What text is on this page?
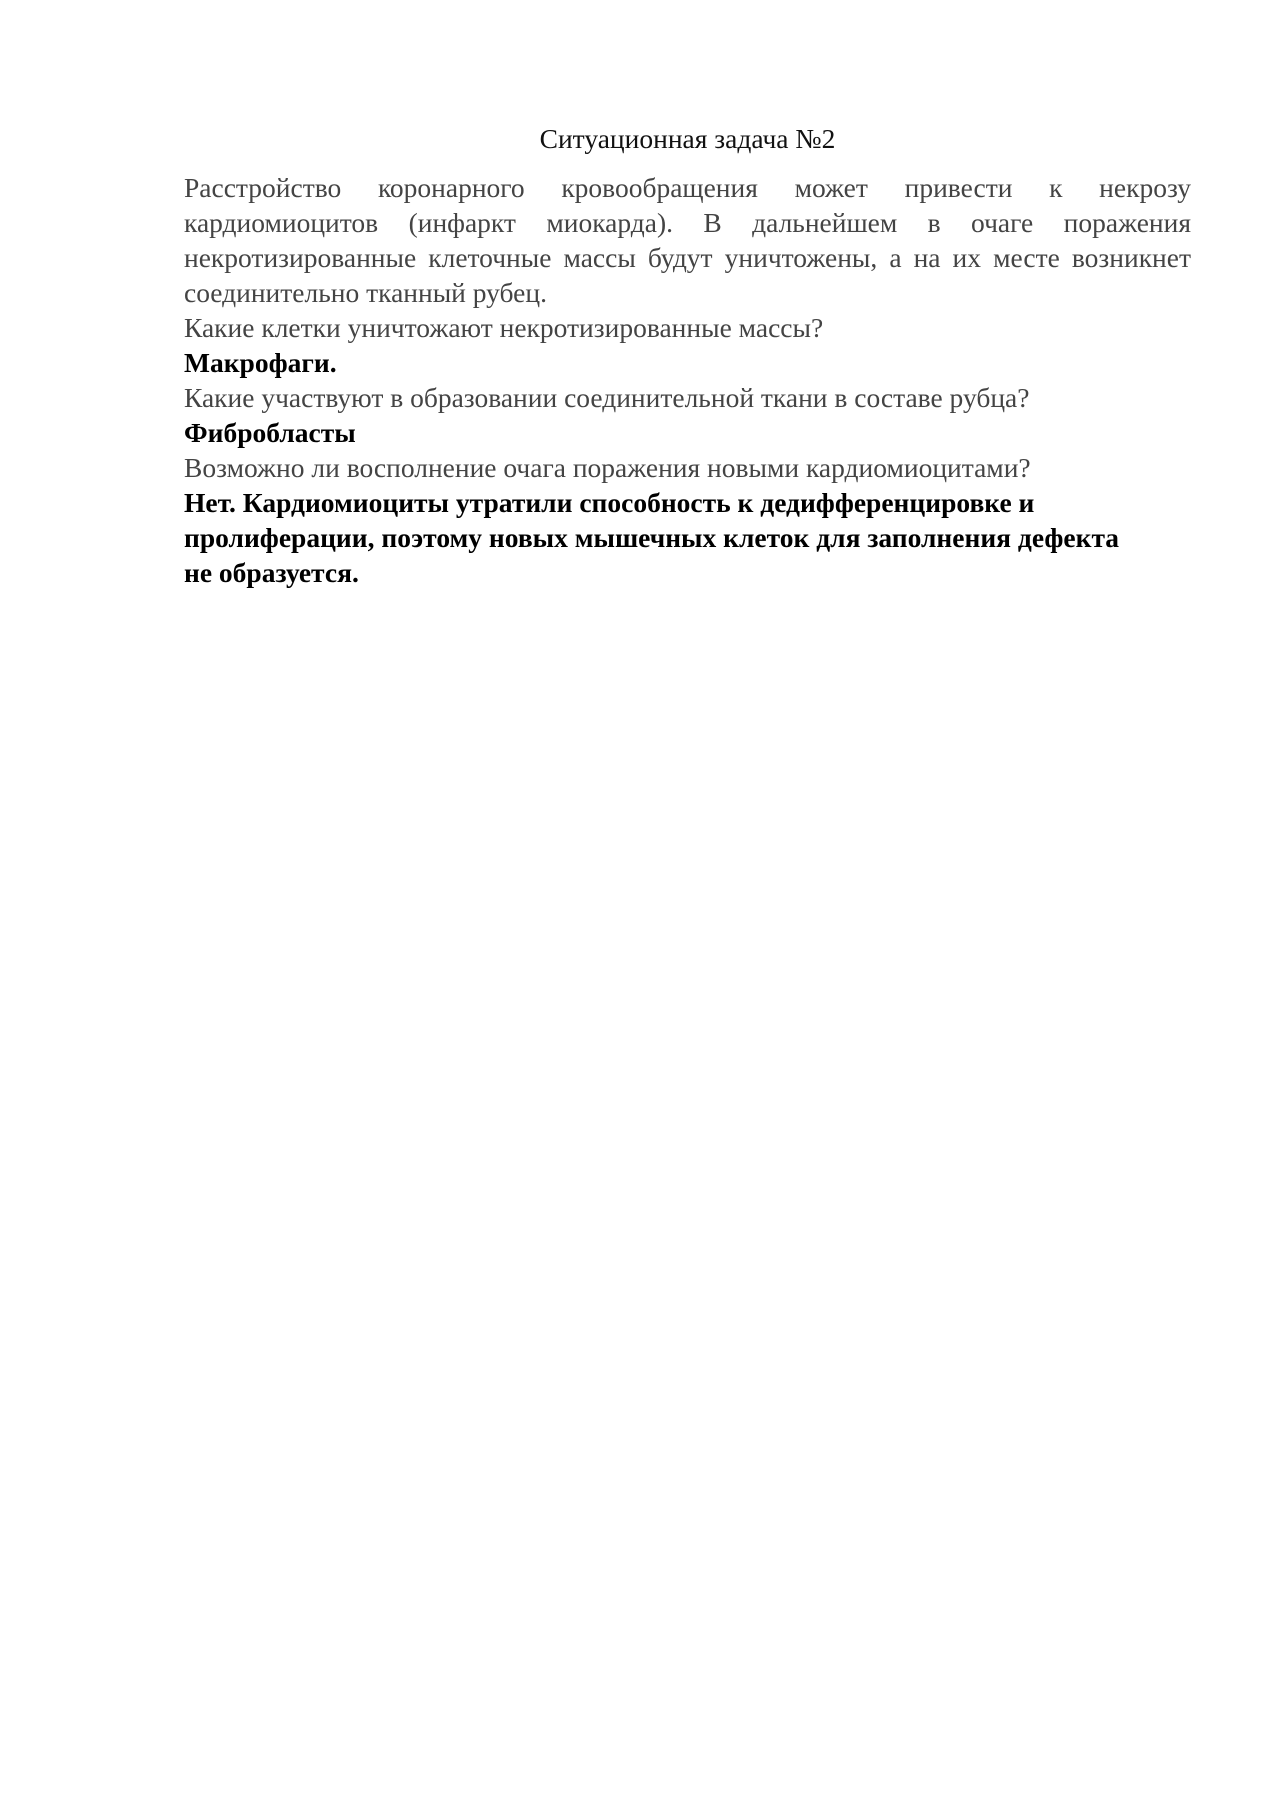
Ситуационная задача №2

Расстройство коронарного кровообращения может привести к некрозу кардиомиоцитов (инфаркт миокарда). В дальнейшем в очаге поражения некротизированные клеточные массы будут уничтожены, а на их месте возникнет соединительно тканный рубец.

Какие клетки уничтожают некротизированные массы?

Макрофаги.

Какие участвуют в образовании соединительной ткани в составе рубца?

Фибробласты

Возможно ли восполнение очага поражения новыми кардиомиоцитами?

Нет. Кардиомиоциты утратили способность к дедифференцировке и пролиферации, поэтому новых мышечных клеток для заполнения дефекта не образуется.
